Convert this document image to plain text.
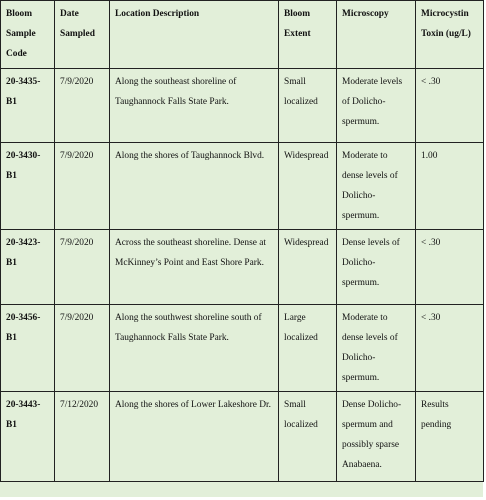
Bloom Sample Code	Date Sampled	Location Description	Bloom Extent	Microscopy	Microcystin Toxin (ug/L)
20-3435-B1	7/9/2020	Along the southeast shoreline of Taughannock Falls State Park.	Small localized	Moderate levels of Dolicho-spermum.	< .30
20-3430-B1	7/9/2020	Along the shores of Taughannock Blvd.	Widespread	Moderate to dense levels of Dolicho-spermum.	1.00
20-3423-B1	7/9/2020	Across the southeast shoreline. Dense at McKinney’s Point and East Shore Park.	Widespread	Dense levels of Dolicho-spermum.	< .30
20-3456-B1	7/9/2020	Along the southwest shoreline south of Taughannock Falls State Park.	Large localized	Moderate to dense levels of Dolicho-spermum.	< .30
20-3443-B1	7/12/2020	Along the shores of Lower Lakeshore Dr.	Small localized	Dense Dolicho-spermum and possibly sparse Anabaena.	Results pending
